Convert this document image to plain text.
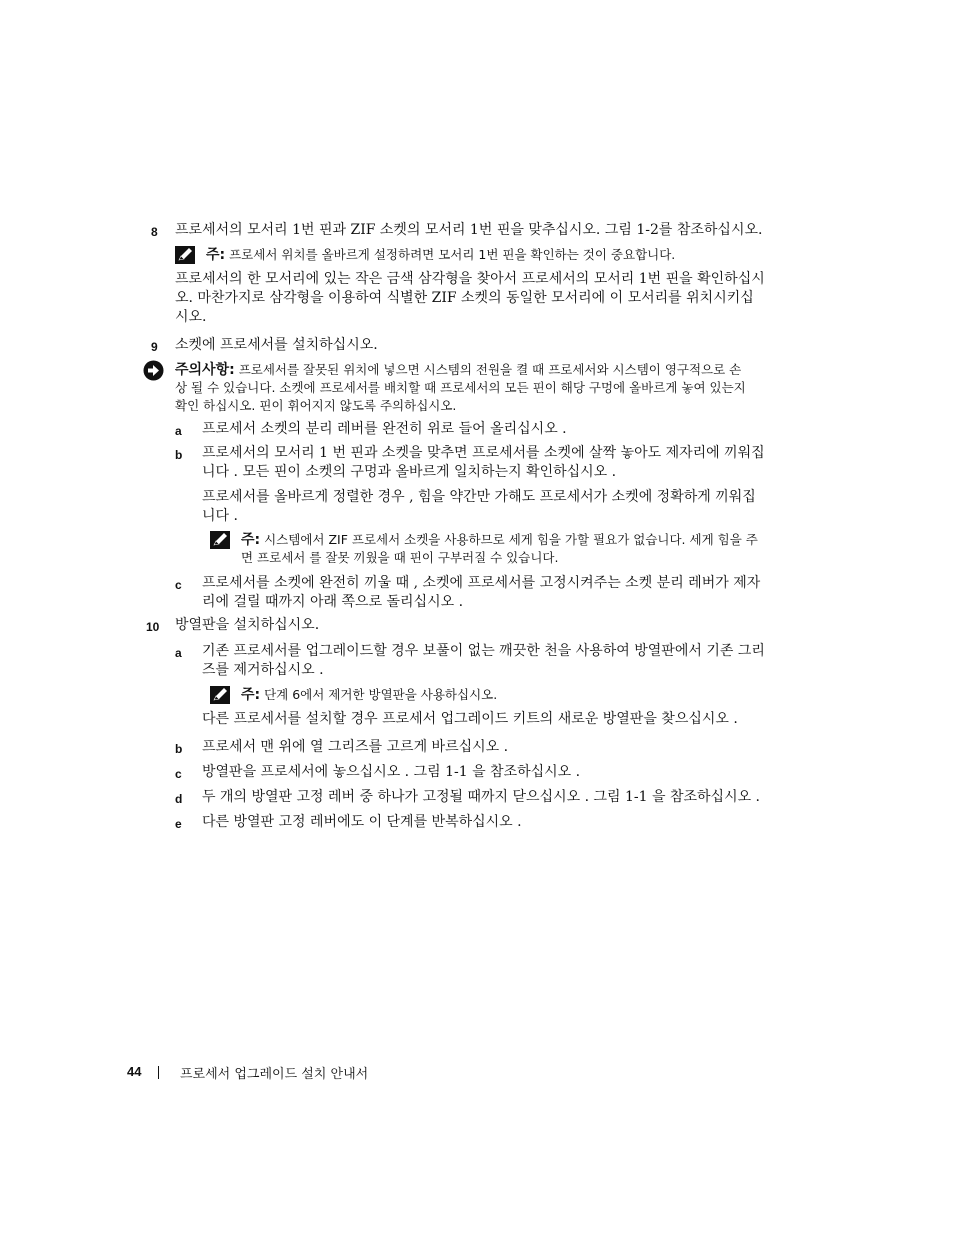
8 프로세서의 모서리 1번 핀과 ZIF 소켓의 모서리 1번 핀을 맞추십시오. 그림 1-2를 참조하십시오.
주: 프로세서 위치를 올바르게 설정하려면 모서리 1번 핀을 확인하는 것이 중요합니다.
프로세서의 한 모서리에 있는 작은 금색 삼각형을 찾아서 프로세서의 모서리 1번 핀을 확인하십시
오. 마찬가지로 삼각형을 이용하여 식별한 ZIF 소켓의 동일한 모서리에 이 모서리를 위치시키십
시오.
9 소켓에 프로세서를 설치하십시오.
주의사항: 프로세서를 잘못된 위치에 넣으면 시스템의 전원을 켤 때 프로세서와 시스템이 영구적으로 손
상 될 수 있습니다. 소켓에 프로세서를 배치할 때 프로세서의 모든 핀이 해당 구멍에 올바르게 놓여 있는지
확인 하십시오. 핀이 휘어지지 않도록 주의하십시오.
a 프로세서 소켓의 분리 레버를 완전히 위로 들어 올리십시오 .
b 프로세서의 모서리 1 번 핀과 소켓을 맞추면 프로세서를 소켓에 살짝 놓아도 제자리에 끼워집
니다 . 모든 핀이 소켓의 구멍과 올바르게 일치하는지 확인하십시오 .
프로세서를 올바르게 정렬한 경우 , 힘을 약간만 가해도 프로세서가 소켓에 정확하게 끼워집
니다 .
주: 시스템에서 ZIF 프로세서 소켓을 사용하므로 세게 힘을 가할 필요가 없습니다. 세게 힘을 주
면 프로세서 를 잘못 끼웠을 때 핀이 구부러질 수 있습니다.
c 프로세서를 소켓에 완전히 끼울 때 , 소켓에 프로세서를 고정시켜주는 소켓 분리 레버가 제자
리에 걸릴 때까지 아래 쪽으로 돌리십시오 .
10 방열판을 설치하십시오.
a 기존 프로세서를 업그레이드할 경우 보풀이 없는 깨끗한 천을 사용하여 방열판에서 기존 그리
즈를 제거하십시오 .
주: 단계 6에서 제거한 방열판을 사용하십시오.
다른 프로세서를 설치할 경우 프로세서 업그레이드 키트의 새로운 방열판을 찾으십시오 .
b 프로세서 맨 위에 열 그리즈를 고르게 바르십시오 .
c 방열판을 프로세서에 놓으십시오 . 그림 1-1 을 참조하십시오 .
d 두 개의 방열판 고정 레버 중 하나가 고정될 때까지 닫으십시오 . 그림 1-1 을 참조하십시오 .
e 다른 방열판 고정 레버에도 이 단계를 반복하십시오 .
44	프로세서 업그레이드 설치 안내서
